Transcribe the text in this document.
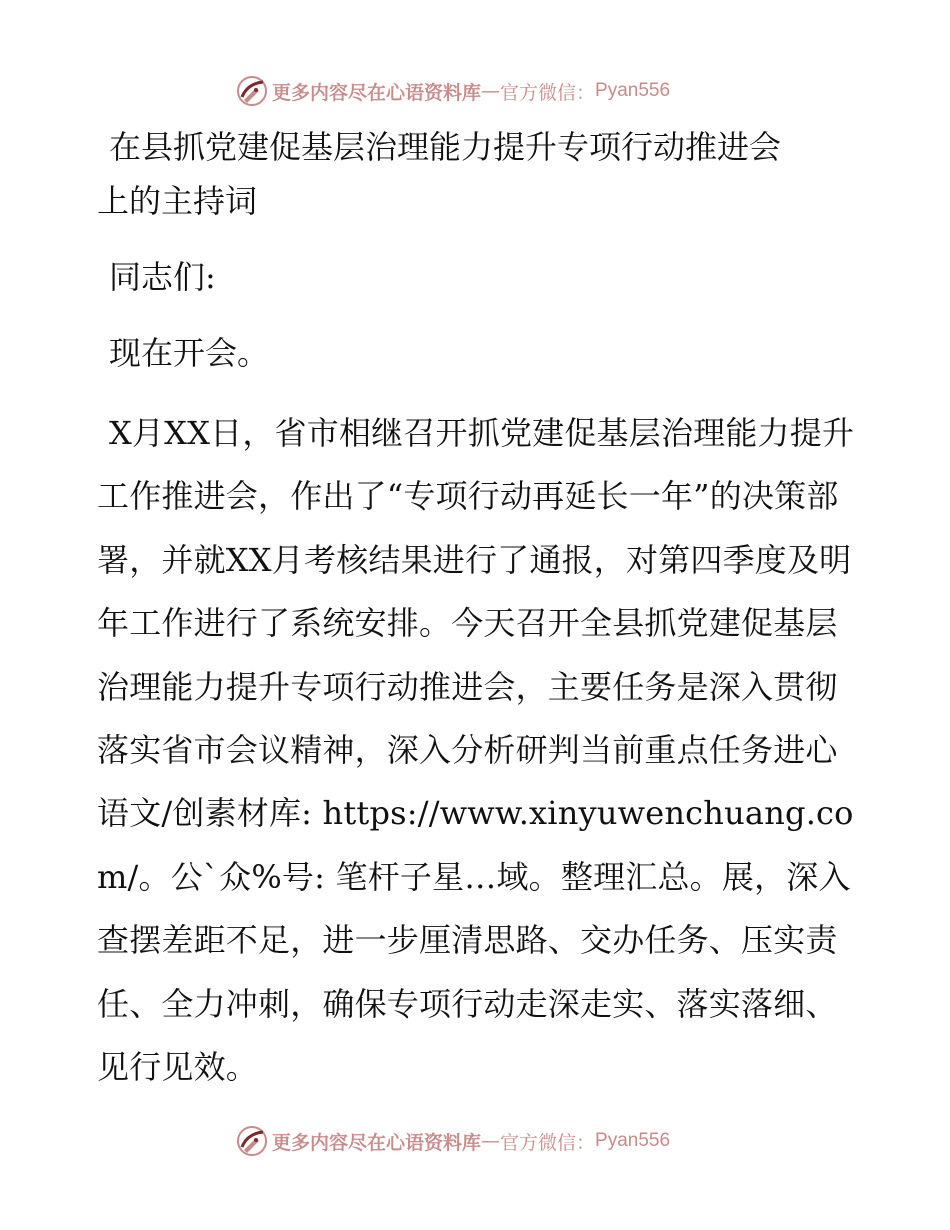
更多内容尽在心语资料库 — 官方微信： Pyan556
在县抓党建促基层治理能力提升专项行动推进会
上的主持词

同志们:

现在开会。

X月XX日，省市相继召开抓党建促基层治理能力提升工作推进会，作出了“专项行动再延长一年”的决策部署，并就XX月考核结果进行了通报，对第四季度及明年工作进行了系统安排。今天召开全县抓党建促基层治理能力提升专项行动推进会，主要任务是深入贯彻落实省市会议精神，深入分析研判当前重点任务进心语文/创素材库: https://www.xinyuwenchuang.com/。公`众%号: 笔杆子星…域。整理汇总。展，深入查摆差距不足，进一步厘清思路、交办任务、压实责任、全力冲刺，确保专项行动走深走实、落实落细、见行见效。

更多内容尽在心语资料库 — 官方微信： Pyan556
